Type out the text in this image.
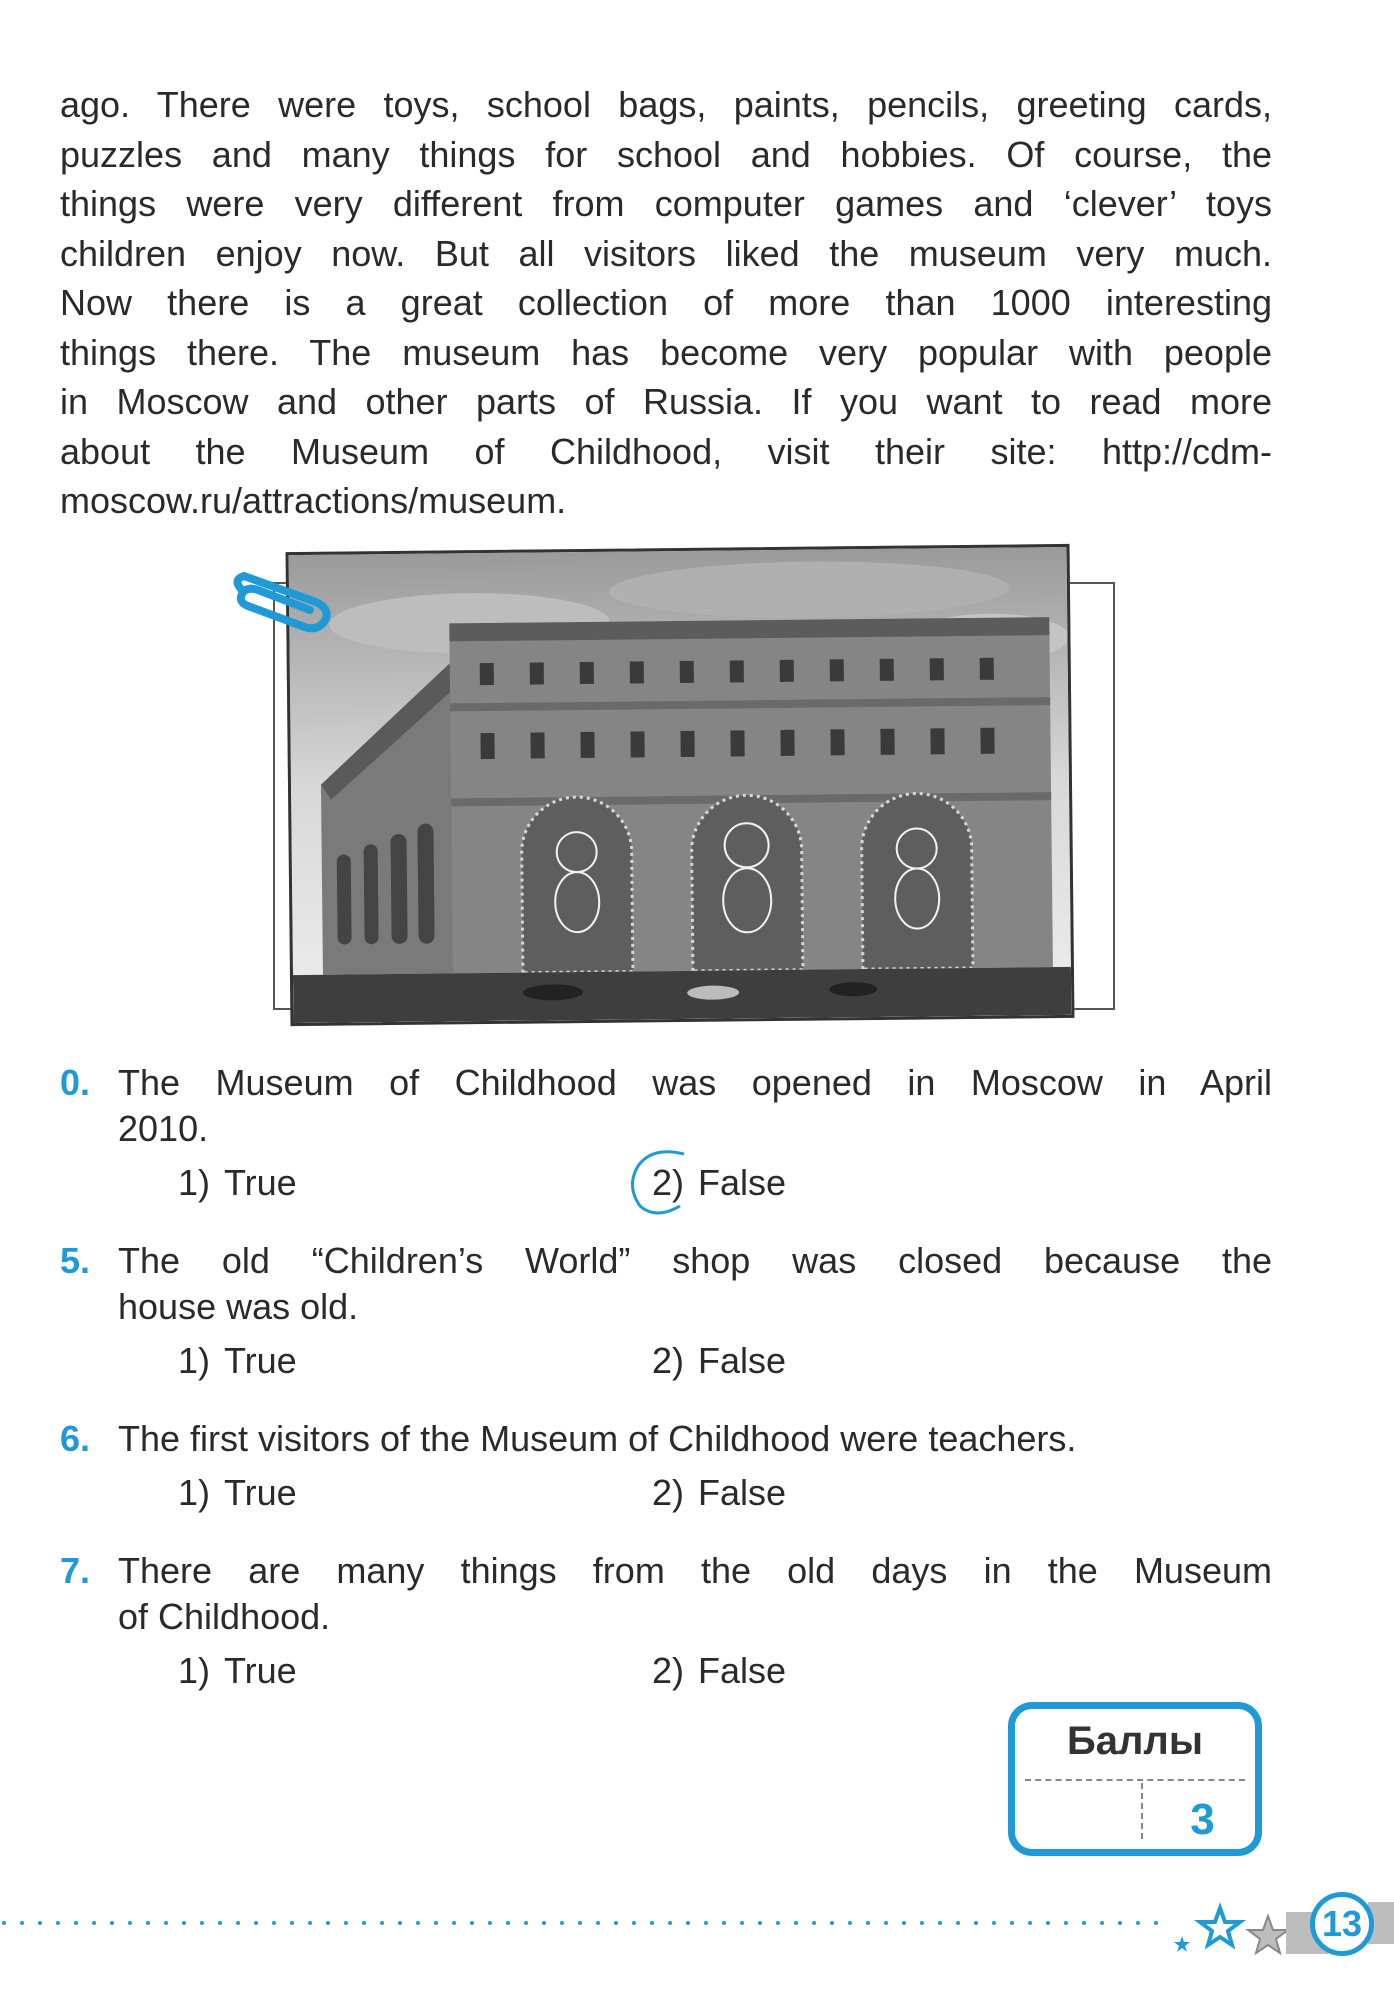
ago. There were toys, school bags, paints, pencils, greeting cards,
puzzles and many things for school and hobbies. Of course, the
things were very different from computer games and ‘clever’ toys
children enjoy now. But all visitors liked the museum very much.
Now there is a great collection of more than 1000 interesting
things there. The museum has become very popular with people
in Moscow and other parts of Russia. If you want to read more
about the Museum of Childhood, visit their site: http://cdm-
moscow.ru/attractions/museum.
0. The Museum of Childhood was opened in Moscow in April
2010.
1) True	2) False
5. The old “Children’s World” shop was closed because the
house was old.
1) True	2) False
6. The first visitors of the Museum of Childhood were teachers.
1) True	2) False
7. There are many things from the old days in the Museum
of Childhood.
1) True	2) False
Баллы
3
13
